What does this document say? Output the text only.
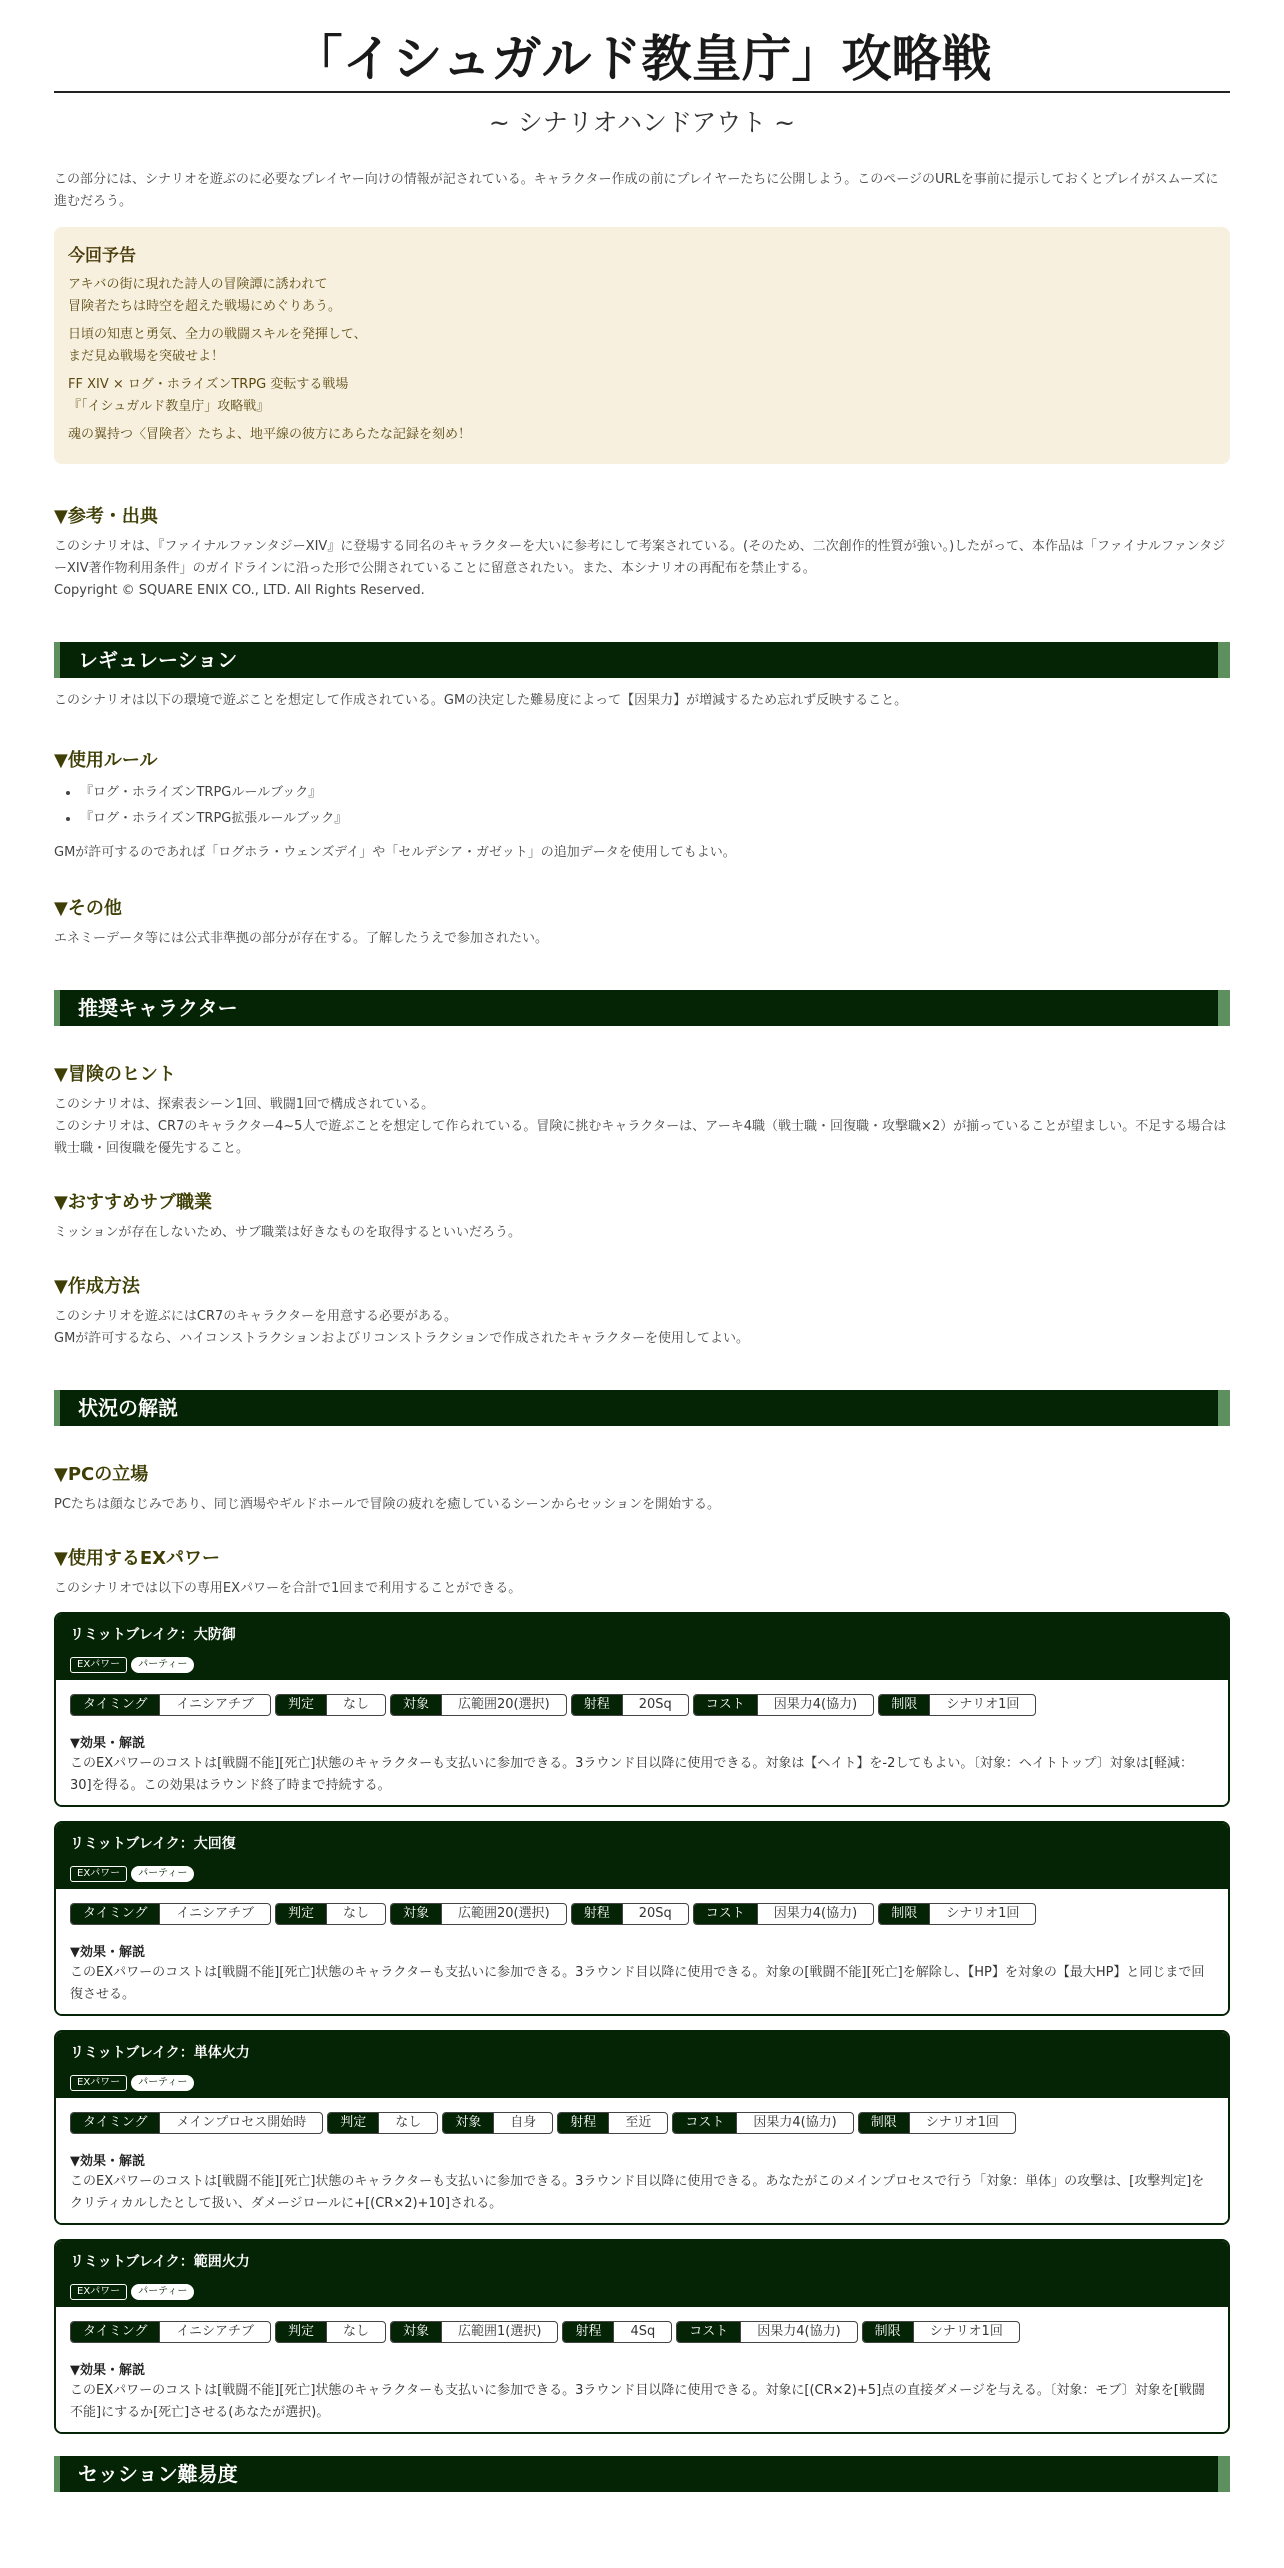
「イシュガルド教皇庁」攻略戦
~ シナリオハンドアウト ~

この部分には、シナリオを遊ぶのに必要なプレイヤー向けの情報が記されている。キャラクター作成の前にプレイヤーたちに公開しよう。このページのURLを事前に提示しておくとプレイがスムーズに進むだろう。

今回予告

アキバの街に現れた詩人の冒険譚に誘われて
冒険者たちは時空を超えた戦場にめぐりあう。

日頃の知恵と勇気、全力の戦闘スキルを発揮して、
まだ見ぬ戦場を突破せよ！

FF XIV × ログ・ホライズンTRPG 変転する戦場
『「イシュガルド教皇庁」攻略戦』

魂の翼持つ〈冒険者〉たちよ、地平線の彼方にあらたな記録を刻め！

▼参考・出典

このシナリオは、『ファイナルファンタジーXIV』に登場する同名のキャラクターを大いに参考にして考案されている。(そのため、二次創作的性質が強い。)したがって、本作品は「ファイナルファンタジーXIV著作物利用条件」のガイドラインに沿った形で公開されていることに留意されたい。また、本シナリオの再配布を禁止する。

Copyright © SQUARE ENIX CO., LTD. All Rights Reserved.

レギュレーション

このシナリオは以下の環境で遊ぶことを想定して作成されている。GMの決定した難易度によって【因果力】が増減するため忘れず反映すること。

▼使用ルール
• 『ログ・ホライズンTRPGルールブック』
• 『ログ・ホライズンTRPG拡張ルールブック』

GMが許可するのであれば「ログホラ・ウェンズデイ」や「セルデシア・ガゼット」の追加データを使用してもよい。

▼その他

エネミーデータ等には公式非準拠の部分が存在する。了解したうえで参加されたい。

推奨キャラクター
▼冒険のヒント

このシナリオは、探索表シーン1回、戦闘1回で構成されている。

このシナリオは、CR7のキャラクター4~5人で遊ぶことを想定して作られている。冒険に挑むキャラクターは、アーキ4職（戦士職・回復職・攻撃職×2）が揃っていることが望ましい。不足する場合は戦士職・回復職を優先すること。

▼おすすめサブ職業

ミッションが存在しないため、サブ職業は好きなものを取得するといいだろう。

▼作成方法

このシナリオを遊ぶにはCR7のキャラクターを用意する必要がある。

GMが許可するなら、ハイコンストラクションおよびリコンストラクションで作成されたキャラクターを使用してよい。

状況の解説
▼PCの立場

PCたちは顔なじみであり、同じ酒場やギルドホールで冒険の疲れを癒しているシーンからセッションを開始する。

▼使用するEXパワー

このシナリオでは以下の専用EXパワーを合計で1回まで利用することができる。

リミットブレイク：大防御
EXパワー パーティー
タイミング	イニシアチブ	判定	なし	対象	広範囲20(選択)	射程	20Sq	コスト	因果力4(協力)	制限	シナリオ1回
▼効果・解説
このEXパワーのコストは[戦闘不能][死亡]状態のキャラクターも支払いに参加できる。3ラウンド目以降に使用できる。対象は【ヘイト】を-2してもよい。〔対象：ヘイトトップ〕対象は[軽減：30]を得る。この効果はラウンド終了時まで持続する。
リミットブレイク：大回復
EXパワー パーティー
タイミング	イニシアチブ	判定	なし	対象	広範囲20(選択)	射程	20Sq	コスト	因果力4(協力)	制限	シナリオ1回
▼効果・解説
このEXパワーのコストは[戦闘不能][死亡]状態のキャラクターも支払いに参加できる。3ラウンド目以降に使用できる。対象の[戦闘不能][死亡]を解除し、【HP】を対象の【最大HP】と同じまで回復させる。
リミットブレイク：単体火力
EXパワー パーティー
タイミング	メインプロセス開始時	判定	なし	対象	自身	射程	至近	コスト	因果力4(協力)	制限	シナリオ1回
▼効果・解説
このEXパワーのコストは[戦闘不能][死亡]状態のキャラクターも支払いに参加できる。3ラウンド目以降に使用できる。あなたがこのメインプロセスで行う「対象：単体」の攻撃は、[攻撃判定]をクリティカルしたとして扱い、ダメージロールに+[(CR×2)+10]される。
リミットブレイク：範囲火力
EXパワー パーティー
タイミング	イニシアチブ	判定	なし	対象	広範囲1(選択)	射程	4Sq	コスト	因果力4(協力)	制限	シナリオ1回
▼効果・解説
このEXパワーのコストは[戦闘不能][死亡]状態のキャラクターも支払いに参加できる。3ラウンド目以降に使用できる。対象に[(CR×2)+5]点の直接ダメージを与える。〔対象：モブ〕対象を[戦闘不能]にするか[死亡]させる(あなたが選択)。
セッション難易度
